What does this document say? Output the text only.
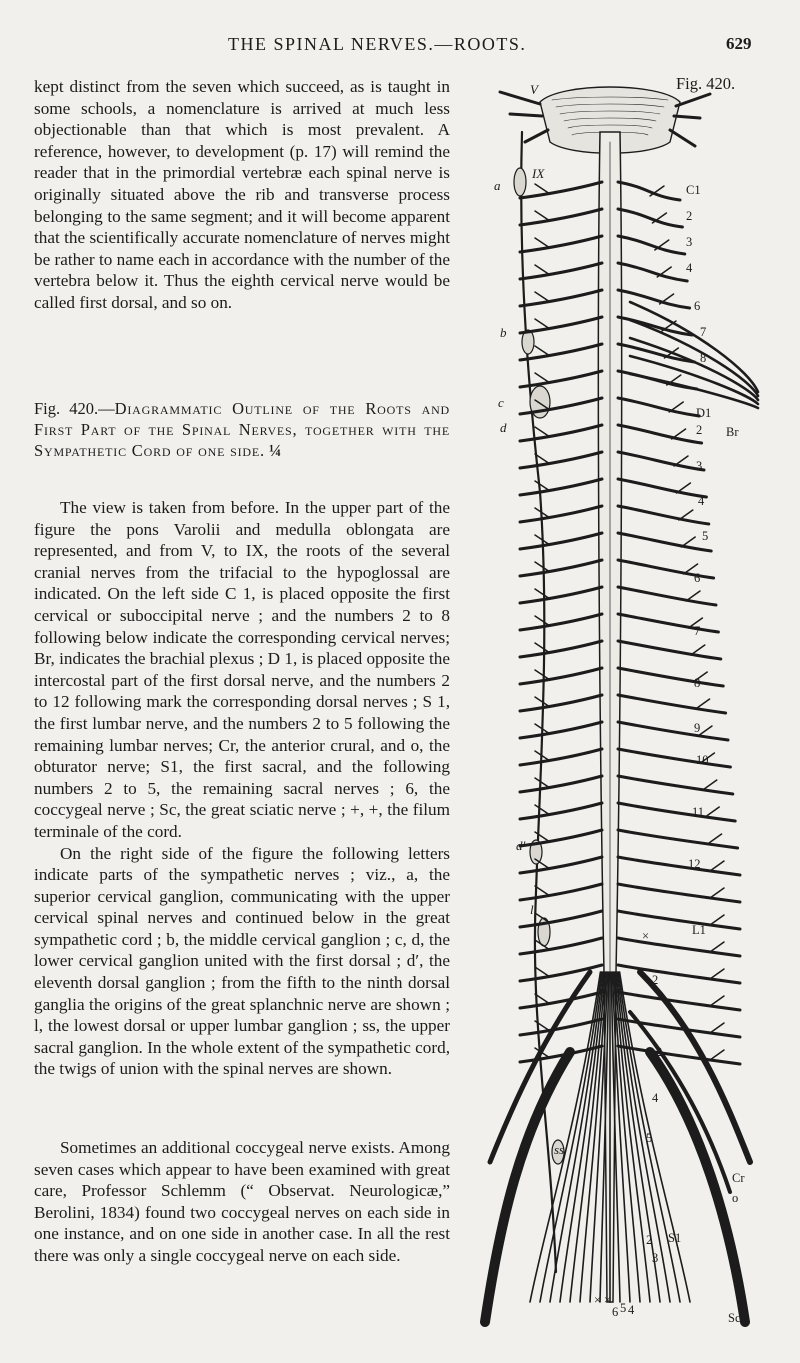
THE SPINAL NERVES.—ROOTS.	629

kept distinct from the seven which succeed, as is taught in some schools, a nomenclature is arrived at much less objectionable than that which is most prevalent. A reference, however, to development (p. 17) will remind the reader that in the primordial vertebræ each spinal nerve is originally situated above the rib and transverse process belonging to the same segment; and it will become apparent that the scientifically accurate nomenclature of nerves might be rather to name each in accordance with the number of the vertebra below it. Thus the eighth cervical nerve would be called first dorsal, and so on.

Fig. 420.—Diagrammatic Outline of the Roots and First Part of the Spinal Nerves, together with the Sympathetic Cord of one side. ¼

The view is taken from before. In the upper part of the figure the pons Varolii and medulla oblongata are represented, and from V, to IX, the roots of the several cranial nerves from the trifacial to the hypoglossal are indicated. On the left side C 1, is placed opposite the first cervical or suboccipital nerve ; and the numbers 2 to 8 following below indicate the corresponding cervical nerves; Br, indicates the brachial plexus ; D 1, is placed opposite the intercostal part of the first dorsal nerve, and the numbers 2 to 12 following mark the corresponding dorsal nerves ; S 1, the first lumbar nerve, and the numbers 2 to 5 following the remaining lumbar nerves; Cr, the anterior crural, and o, the obturator nerve; S1, the first sacral, and the following numbers 2 to 5, the remaining sacral nerves ; 6, the coccygeal nerve ; Sc, the great sciatic nerve ; +, +, the filum terminale of the cord.

On the right side of the figure the following letters indicate parts of the sympathetic nerves ; viz., a, the superior cervical ganglion, communicating with the upper cervical spinal nerves and continued below in the great sympathetic cord ; b, the middle cervical ganglion ; c, d, the lower cervical ganglion united with the first dorsal ; d′, the eleventh dorsal ganglion ; from the fifth to the ninth dorsal ganglia the origins of the great splanchnic nerve are shown ; l, the lowest dorsal or upper lumbar ganglion ; ss, the upper sacral ganglion. In the whole extent of the sympathetic cord, the twigs of union with the spinal nerves are shown.

Sometimes an additional coccygeal nerve exists. Among seven cases which appear to have been examined with great care, Professor Schlemm (“ Observat. Neurologicæ,” Berolini, 1834) found two coccygeal nerves on each side in one instance, and on one side in another case. In all the rest there was only a single coccygeal nerve on each side.

Fig. 420.
V
IX
a
b
c
d
d′
l
ss
C1
2
3
4
6
7
8
D1
2 Br
3
4
5
6
7
8
9
10
11
12
L1
2
2
4
5
Cr
o
S1
2
3
Sc
×
6 5 4
×
×
